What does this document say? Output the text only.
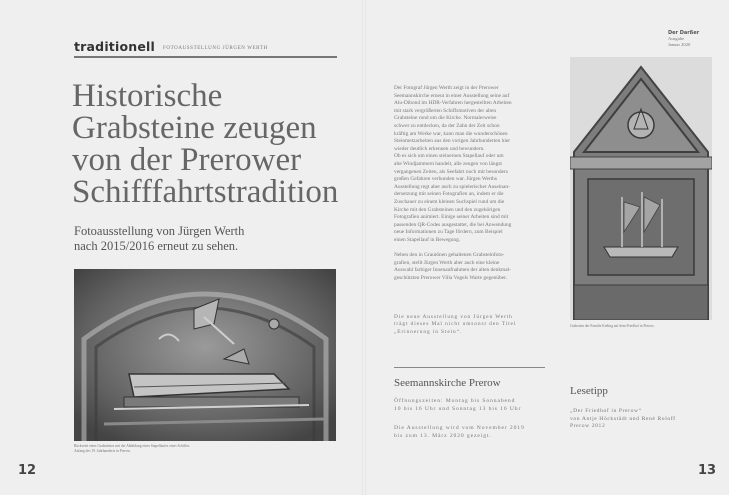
traditionell FOTOAUSSTELLUNG JÜRGEN WERTH
Historische
Grabsteine zeugen
von der Prerower
Schifffahrtstradition
Fotoausstellung von Jürgen Werth
nach 2015/2016 erneut zu sehen.
Rückseite eines Grabsteines mit der Abbildung eines Stapellaufes eines Schiffes.
Anfang des 19. Jahrhunderts in Prerow.
12
Der Darßer
Ausgabe
Januar 2020

Der Fotograf Jürgen Werth zeigt in der Prerower
Seemannskirche erneut in einer Ausstellung seine auf
Alu-Dibond im HDR-Verfahren hergestellten Arbeiten
mit stark vergrößerten Schiffsmotiven der alten
Grabsteine rund um die Kirche. Normalerweise
schwer zu entdecken, da der Zahn der Zeit schon
kräftig am Werke war, kann man die wunderschönen
Steinmetzarbeiten aus den vorigen Jahrhunderten hier
wieder deutlich erkennen und bewundern.
Ob es sich um einen steinernen Stapellauf oder um
alte Windjammern handelt, alle zeugen von längst
vergangenen Zeiten, als Seefahrt noch mit besonders
großen Gefahren verbunden war. Jürgen Werths
Ausstellung regt aber auch zu spielerischer Auseinan-
dersetzung mit seinen Fotografien an, indem er die
Zuschauer zu einem kleinen Suchspiel rund um die
Kirche mit den Grabsteinen und den zugehörigen
Fotografien animiert. Einige seiner Arbeiten sind mit
passenden QR-Codes ausgestattet, die bei Anwendung
neue Informationen zu Tage fördern, zum Beispiel
einen Stapellauf in Bewegung.

Neben den in Grautönen gehaltenen Grabsteinfoto-
grafien, stellt Jürgen Werth aber auch eine kleine
Auswahl farbiger Innenaufnahmen der alten denkmal-
geschützten Prerower Villa Vogels Warte gegenüber.

Die neue Ausstellung von Jürgen Werth
trägt dieses Mal nicht umsonst den Titel
„Erinnerung in Stein“.
Seemannskirche Prerow
Öffnungszeiten: Montag bis Sonnabend
10 bis 16 Uhr und Sonntag 13 bis 16 Uhr
Die Ausstellung wird vom November 2019
bis zum 13. März 2020 gezeigt.
Grabstein der Familie Kieling auf dem Friedhof in Prerow.
Lesetipp
„Der Friedhof in Prerow“
von Antje Höckstädt und René Roloff
Prerow 2012
13
